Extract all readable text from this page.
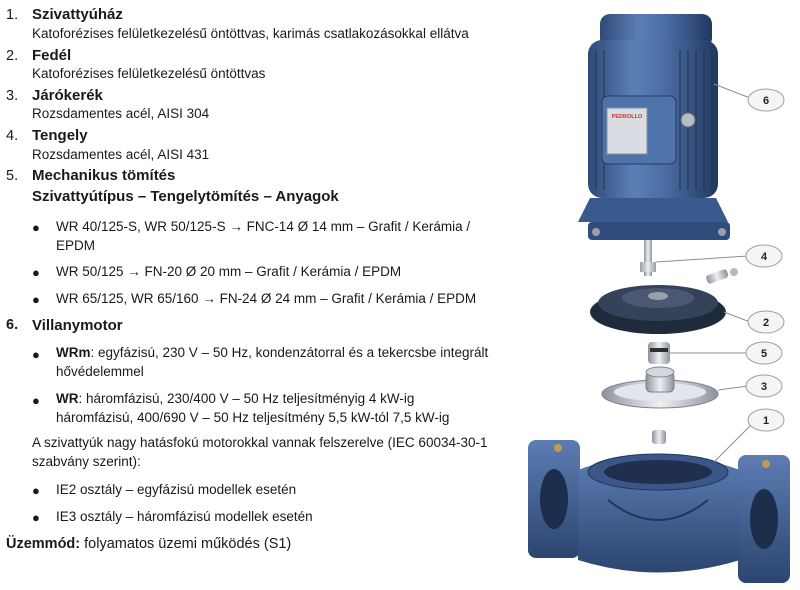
1. Szivattyúház
Katoforézises felületkezelésű öntöttvas, karimás csatlakozásokkal ellátva
2. Fedél
Katoforézises felületkezelésű öntöttvas
3. Járókerék
Rozsdamentes acél, AISI 304
4. Tengely
Rozsdamentes acél, AISI 431
5. Mechanikus tömítés
Szivattyútípus – Tengelytömítés – Anyagok
● WR 40/125-S, WR 50/125-S → FNC-14 Ø 14 mm – Grafit / Kerámia /
EPDM
● WR 50/125 → FN-20 Ø 20 mm – Grafit / Kerámia / EPDM
● WR 65/125, WR 65/160 → FN-24 Ø 24 mm – Grafit / Kerámia / EPDM
6. Villanymotor
● WRm: egyfázisú, 230 V – 50 Hz, kondenzátorral és a tekercsbe integrált
hővédelemmel
● WR: háromfázisú, 230/400 V – 50 Hz teljesítményig 4 kW-ig
háromfázisú, 400/690 V – 50 Hz teljesítmény 5,5 kW-tól 7,5 kW-ig
A szivattyúk nagy hatásfokú motorokkal vannak felszerelve (IEC 60034-30-1
szabvány szerint):
● IE2 osztály – egyfázisú modellek esetén
● IE3 osztály – háromfázisú modellek esetén
Üzemmód: folyamatos üzemi működés (S1)
PEDROLLO
6
4
2
5
3
1
